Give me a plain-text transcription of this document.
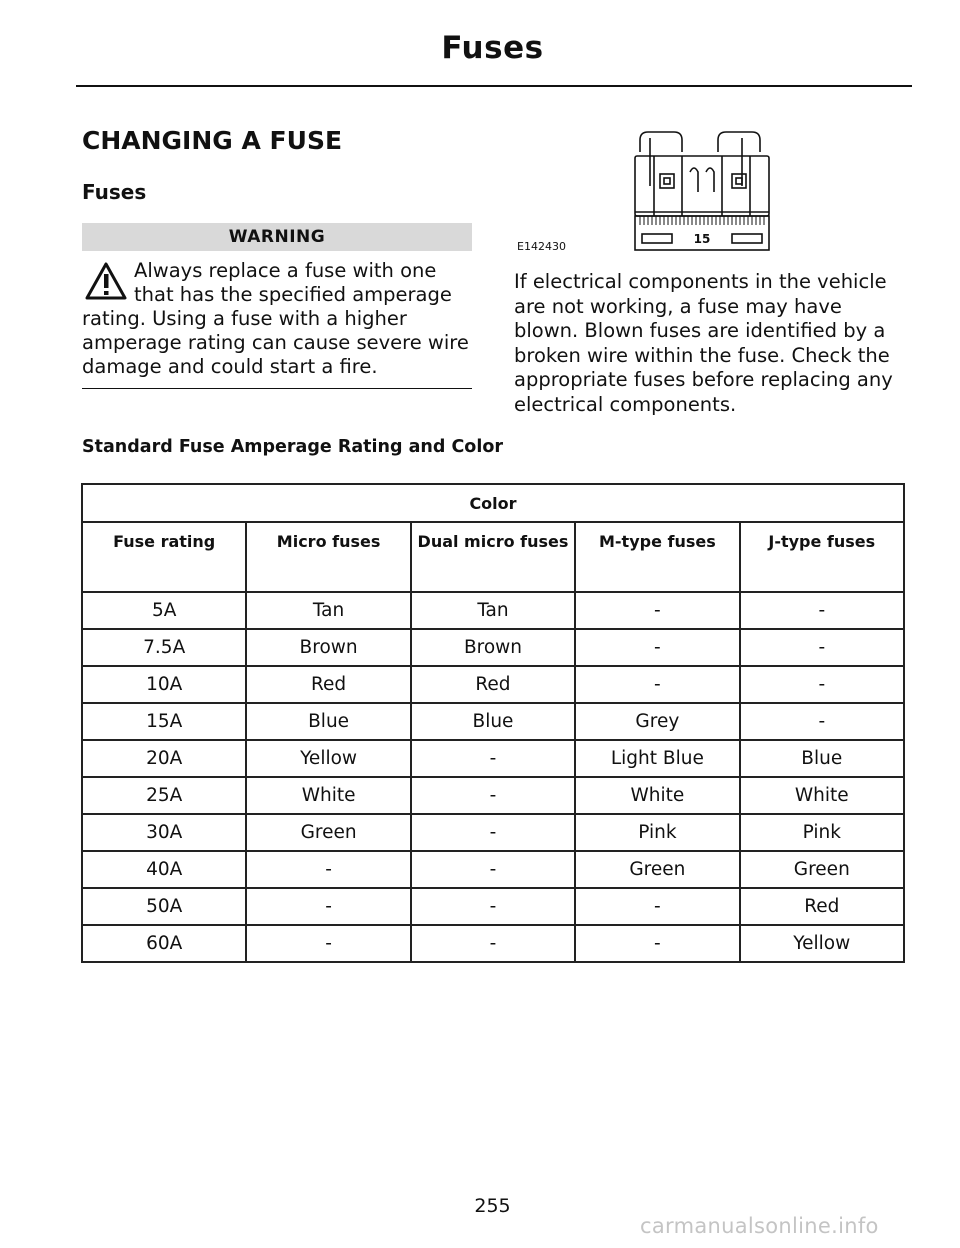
Fuses
CHANGING A FUSE
Fuses
WARNING
Always replace a fuse with one that has the specified amperage rating. Using a fuse with a higher amperage rating can cause severe wire damage and could start a fire.
15
E142430
If electrical components in the vehicle are not working, a fuse may have blown. Blown fuses are identified by a broken wire within the fuse. Check the appropriate fuses before replacing any electrical components.
Standard Fuse Amperage Rating and Color
Color				
Fuse rating	Micro fuses	Dual micro fuses	M-type fuses	J-type fuses
5A	Tan	Tan	-	-
7.5A	Brown	Brown	-	-
10A	Red	Red	-	-
15A	Blue	Blue	Grey	-
20A	Yellow	-	Light Blue	Blue
25A	White	-	White	White
30A	Green	-	Pink	Pink
40A	-	-	Green	Green
50A	-	-	-	Red
60A	-	-	-	Yellow
255
carmanualsonline.info
